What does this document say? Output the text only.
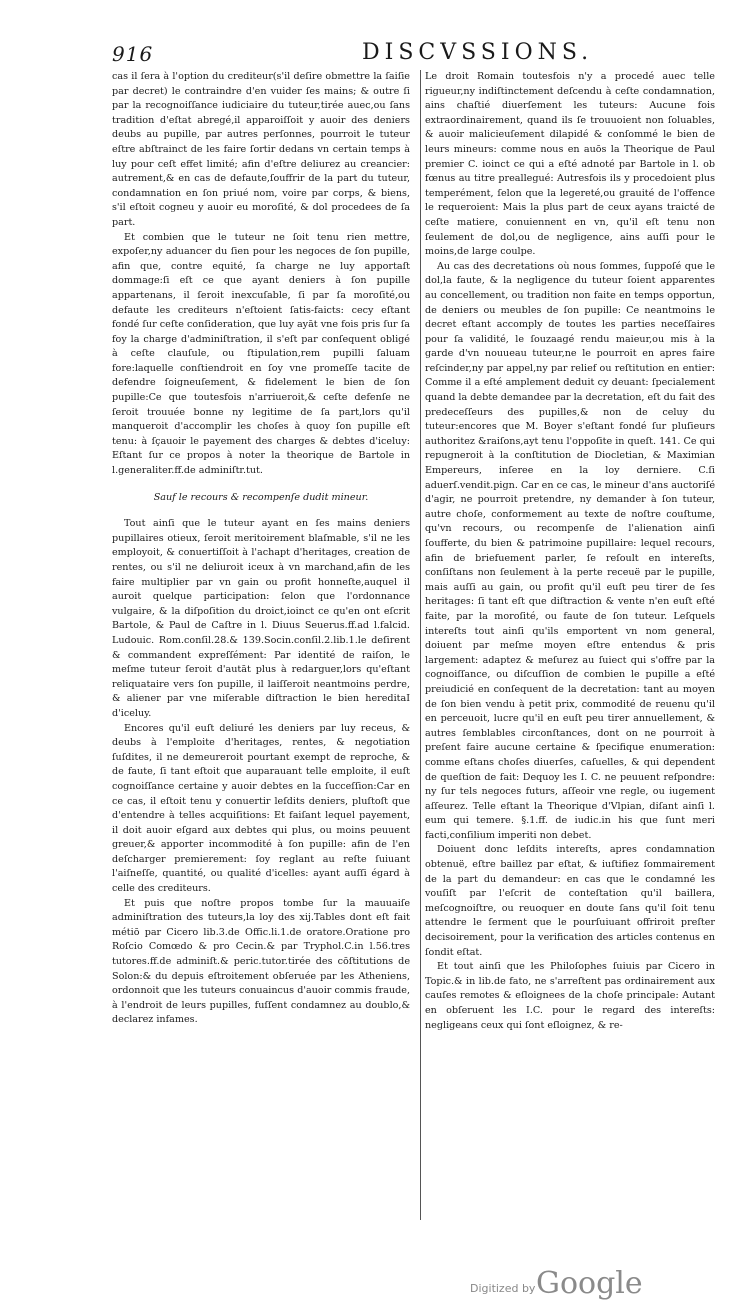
916	DISCVSSIONS.

cas il ſera à l'option du crediteur(s'il deſire obmettre la ſaiſie par decret) le contraindre d'en vuider ſes mains; & outre ſi par la recognoiſſance iudiciaire du tuteur,tirée auec,ou ſans tradition d'eſtat abregé,il apparoiſſoit y auoir des deniers deubs au pupille, par autres perſonnes, pourroit le tuteur eſtre abſtrainct de les faire ſortir dedans vn certain temps à luy pour ceſt effet limité; afin d'eſtre deliurez au creancier: autrement,& en cas de defaute,ſouffrir de la part du tuteur, condamnation en ſon priué nom, voire par corps, & biens, s'il eſtoit cogneu y auoir eu moroſité, & dol procedees de ſa part.

Et combien que le tuteur ne ſoit tenu rien mettre, expoſer,ny aduancer du ſien pour les negoces de ſon pupille, afin que, contre equité, ſa charge ne luy apportaſt dommage:ſi eſt ce que ayant deniers à ſon pupille appartenans, il ſeroit inexcuſable, ſi par ſa moroſité,ou defaute les crediteurs n'eſtoient ſatis-faicts: cecy eſtant fondé ſur ceſte conſideration, que luy ayāt vne fois pris ſur ſa foy la charge d'adminiſtration, il s'eſt par conſequent obligé à ceſte clauſule, ou ſtipulation,rem pupilli ſaluam fore:laquelle conſtiendroit en ſoy vne promeſſe tacite de defendre ſoigneuſement, & fidelement le bien de ſon pupille:Ce que toutesfois n'arriueroit,& ceſte defenſe ne ſeroit trouuée bonne ny legitime de ſa part,lors qu'il manqueroit d'accomplir les choſes à quoy ſon pupille eſt tenu: à ſçauoir le payement des charges & debtes d'iceluy: Eſtant ſur ce propos à noter la theorique de Bartole in l.generaliter.ff.de adminiſtr.tut.

Sauf le recours & recompenſe dudit mineur.

Tout ainſi que le tuteur ayant en ſes mains deniers pupillaires otieux, ſeroit meritoirement blaſmable, s'il ne les employoit, & conuertiſſoit à l'achapt d'heritages, creation de rentes, ou s'il ne deliuroit iceux à vn marchand,afin de les faire multiplier par vn gain ou profit honneſte,auquel il auroit quelque participation: ſelon que l'ordonnance vulgaire, & la diſpoſition du droict,ioinct ce qu'en ont eſcrit Bartole, & Paul de Caſtre in l. Diuus Seuerus.ff.ad l.falcid. Ludouic. Rom.conſil.28.& 139.Socin.conſil.2.lib.1.le deſirent & commandent expreſſément: Par identité de raiſon, le meſme tuteur ſeroit d'autāt plus à redarguer,lors qu'eſtant reliquataire vers ſon pupille, il laiſſeroit neantmoins perdre, & aliener par vne miſerable diſtraction le bien hereditaI d'iceluy.

Encores qu'il euſt deliuré les deniers par luy receus, & deubs à l'emploite d'heritages, rentes, & negotiation ſuſdites, il ne demeureroit pourtant exempt de reproche, & de faute, ſi tant eſtoit que auparauant telle emploite, il euſt cognoiſſance certaine y auoir debtes en la ſucceſſion:Car en ce cas, il eſtoit tenu y conuertir leſdits deniers, pluſtoſt que d'entendre à telles acquiſitions: Et faiſant lequel payement, il doit auoir eſgard aux debtes qui plus, ou moins peuuent greuer,& apporter incommodité à ſon pupille: afin de l'en deſcharger premierement: ſoy reglant au reſte ſuiuant l'aiſneſſe, quantité, ou qualité d'icelles: ayant auſſi égard à celle des crediteurs.

Et puis que noſtre propos tombe ſur la mauuaiſe adminiſtration des tuteurs,la loy des xij.Tables dont eſt fait métiō par Cicero lib.3.de Offic.li.1.de oratore.Oratione pro Roſcio Comœdo & pro Cecin.& par Tryphol.C.in l.56.tres tutores.ff.de adminiſt.& peric.tutor.tirée des cōſtitutions de Solon:& du depuis eſtroitement obſeruée par les Atheniens, ordonnoit que les tuteurs conuaincus d'auoir commis fraude, à l'endroit de leurs pupilles, fuſſent condamnez au doublo,& declarez infames.

Le droit Romain toutesfois n'y a procedé auec telle rigueur,ny indiſtinctement deſcendu à ceſte condamnation, ains chaſtié diuerſement les tuteurs: Aucune fois extraordinairement, quand ils ſe trouuoient non ſoluables, & auoir malicieuſement dilapidé & conſommé le bien de leurs mineurs: comme nous en auōs la Theorique de Paul premier C. ioinct ce qui a eſté adnoté par Bartole in l. ob fœnus au titre preallegué: Autresfois ils y procedoient plus temperément, ſelon que la legereté,ou grauité de l'offence le requeroient: Mais la plus part de ceux ayans traicté de ceſte matiere, conuiennent en vn, qu'il eſt tenu non ſeulement de dol,ou de negligence, ains auſſi pour le moins,de large coulpe.

Au cas des decretations où nous ſommes, ſuppoſé que le dol,la faute, & la negligence du tuteur ſoient apparentes au concellement, ou tradition non faite en temps opportun, de deniers ou meubles de ſon pupille: Ce neantmoins le decret eſtant accomply de toutes les parties neceſſaires pour ſa validité, le ſouzaagé rendu maieur,ou mis à la garde d'vn nouueau tuteur,ne le pourroit en apres faire reſcinder,ny par appel,ny par relief ou reſtitution en entier: Comme il a eſté amplement deduit cy deuant: ſpecialement quand la debte demandee par la decretation, eſt du fait des predeceſſeurs des pupilles,& non de celuy du tuteur:encores que M. Boyer s'eſtant fondé ſur pluſieurs authoritez &raiſons,ayt tenu l'oppoſite in queſt. 141. Ce qui repugneroit à la conſtitution de Diocletian, & Maximian Empereurs, inſeree en la loy derniere. C.ſi aduerſ.vendit.pign. Car en ce cas, le mineur d'ans auctoriſé d'agir, ne pourroit pretendre, ny demander à ſon tuteur, autre choſe, conformement au texte de noſtre couſtume, qu'vn recours, ou recompenſe de l'alienation ainſi ſoufferte, du bien & patrimoine pupillaire: lequel recours, afin de briefuement parler, ſe reſoult en intereſts, conſiſtans non ſeulement à la perte receuë par le pupille, mais auſſi au gain, ou profit qu'il euſt peu tirer de ſes heritages: ſi tant eſt que diſtraction & vente n'en euſt eſté faite, par la moroſité, ou faute de ſon tuteur. Leſquels intereſts tout ainſi qu'ils emportent vn nom general, doiuent par meſme moyen eſtre entendus & pris largement: adaptez & meſurez au ſuiect qui s'offre par la cognoiſſance, ou diſcuſſion de combien le pupille a eſté preiudicié en conſequent de la decretation: tant au moyen de ſon bien vendu à petit prix, commodité de reuenu qu'il en perceuoit, lucre qu'il en euſt peu tirer annuellement, & autres ſemblables circonſtances, dont on ne pourroit à preſent faire aucune certaine & ſpecifique enumeration: comme eſtans choſes diuerſes, caſuelles, & qui dependent de queſtion de fait: Dequoy les I. C. ne peuuent reſpondre: ny ſur tels negoces futurs, aſſeoir vne regle, ou iugement aſſeurez. Telle eſtant la Theorique d'Vlpian, diſant ainſi l. eum qui temere. §.1.ff. de iudic.in his que ſunt meri facti,conſilium imperiti non debet.

Doiuent donc leſdits intereſts, apres condamnation obtenuë, eſtre baillez par eſtat, & iuſtifiez ſommairement de la part du demandeur: en cas que le condamné les vouſiſt par l'eſcrit de conteſtation qu'il baillera, meſcognoiſtre, ou reuoquer en doute ſans qu'il ſoit tenu attendre le ſerment que le pourſuiuant offriroit preſter decisoirement, pour la verification des articles contenus en ſondit eſtat.

Et tout ainſi que les Philoſophes ſuiuis par Cicero in Topic.& in lib.de fato, ne s'arreſtent pas ordinairement aux cauſes remotes & eſloignees de la choſe principale: Autant en obſeruent les I.C. pour le regard des intereſts: negligeans ceux qui ſont eſloignez, & re-

Digitized by Google
